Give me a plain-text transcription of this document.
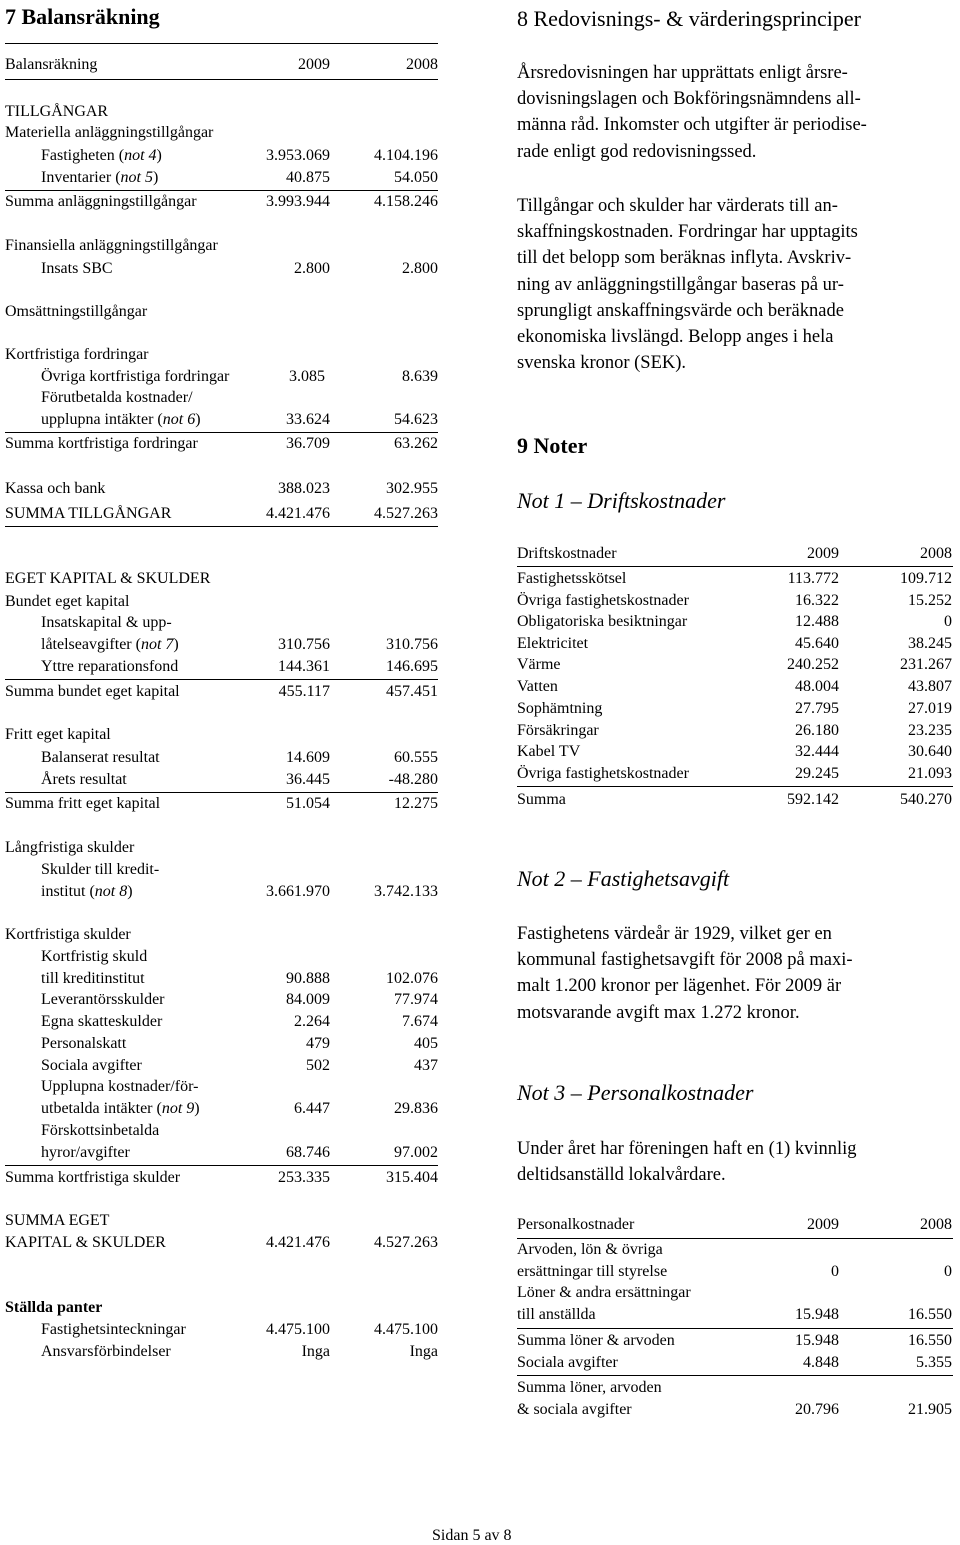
7 Balansräkning
Balansräkning	2009	2008
TILLGÅNGAR
Materiella anläggningstillgångar
Fastigheten (not 4)	3.953.069	4.104.196
Inventarier (not 5)	40.875	54.050
Summa anläggningstillgångar	3.993.944	4.158.246
Finansiella anläggningstillgångar
Insats SBC	2.800	2.800
Omsättningstillgångar
Kortfristiga fordringar
Övriga kortfristiga fordringar	3.085	8.639
Förutbetalda kostnader/
upplupna intäkter (not 6)	33.624	54.623
Summa kortfristiga fordringar	36.709	63.262
Kassa och bank	388.023	302.955
SUMMA TILLGÅNGAR	4.421.476	4.527.263
EGET KAPITAL & SKULDER
Bundet eget kapital
Insatskapital & upp-
låtelseavgifter (not 7)	310.756	310.756
Yttre reparationsfond	144.361	146.695
Summa bundet eget kapital	455.117	457.451
Fritt eget kapital
Balanserat resultat	14.609	60.555
Årets resultat	36.445	-48.280
Summa fritt eget kapital	51.054	12.275
Långfristiga skulder
Skulder till kredit-
institut (not 8)	3.661.970	3.742.133
Kortfristiga skulder
Kortfristig skuld
till kreditinstitut	90.888	102.076
Leverantörsskulder	84.009	77.974
Egna skatteskulder	2.264	7.674
Personalskatt	479	405
Sociala avgifter	502	437
Upplupna kostnader/för-
utbetalda intäkter (not 9)	6.447	29.836
Förskottsinbetalda
hyror/avgifter	68.746	97.002
Summa kortfristiga skulder	253.335	315.404
SUMMA EGET
KAPITAL & SKULDER	4.421.476	4.527.263
Ställda panter
Fastighetsinteckningar	4.475.100	4.475.100
Ansvarsförbindelser	Inga	Inga
8 Redovisnings- & värderingsprinciper

Årsredovisningen har upprättats enligt årsre-
dovisningslagen och Bokföringsnämndens all-
männa råd. Inkomster och utgifter är periodise-
rade enligt god redovisningssed.

Tillgångar och skulder har värderats till an-
skaffningskostnaden. Fordringar har upptagits
till det belopp som beräknas inflyta. Avskriv-
ning av anläggningstillgångar baseras på ur-
sprungligt anskaffningsvärde och beräknade
ekonomiska livslängd. Belopp anges i hela
svenska kronor (SEK).

9 Noter
Not 1 – Driftskostnader
Driftskostnader	2009	2008
Fastighetsskötsel	113.772	109.712
Övriga fastighetskostnader	16.322	15.252
Obligatoriska besiktningar	12.488	0
Elektricitet	45.640	38.245
Värme	240.252	231.267
Vatten	48.004	43.807
Sophämtning	27.795	27.019
Försäkringar	26.180	23.235
Kabel TV	32.444	30.640
Övriga fastighetskostnader	29.245	21.093
Summa	592.142	540.270
Not 2 – Fastighetsavgift

Fastighetens värdeår är 1929, vilket ger en
kommunal fastighetsavgift för 2008 på maxi-
malt 1.200 kronor per lägenhet. För 2009 är
motsvarande avgift max 1.272 kronor.

Not 3 – Personalkostnader

Under året har föreningen haft en (1) kvinnlig
deltidsanställd lokalvårdare.

Personalkostnader	2009	2008
Arvoden, lön & övriga
ersättningar till styrelse	0	0
Löner & andra ersättningar
till anställda	15.948	16.550
Summa löner & arvoden	15.948	16.550
Sociala avgifter	4.848	5.355
Summa löner, arvoden
& sociala avgifter	20.796	21.905
Sidan 5 av 8
